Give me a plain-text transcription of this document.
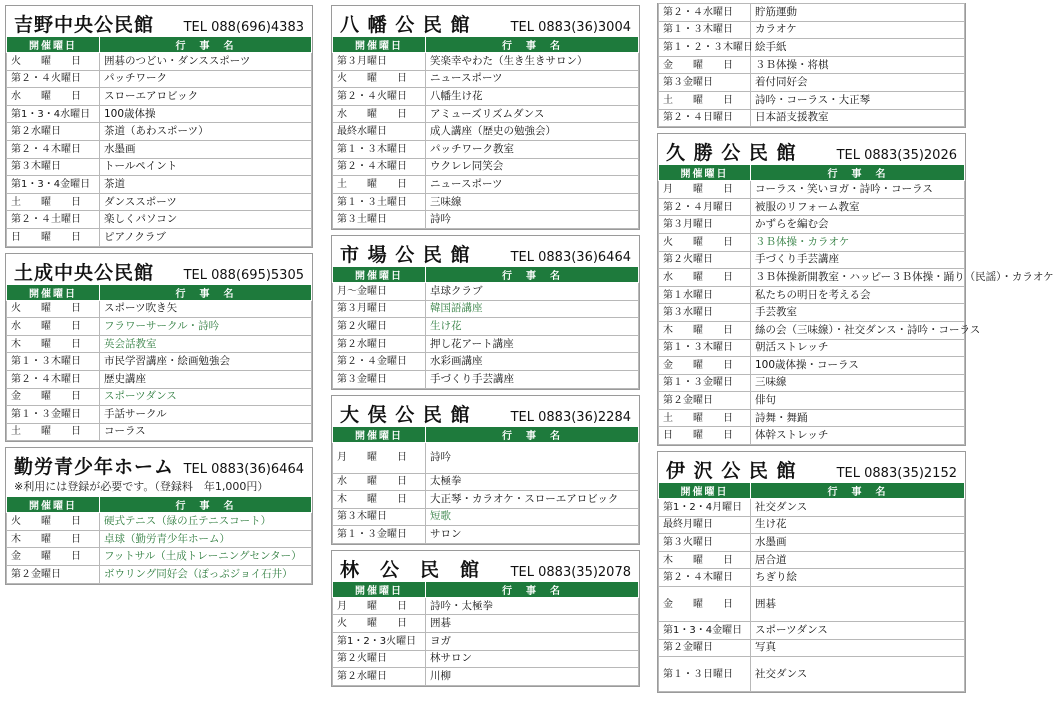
吉野中央公民館 TEL 088(696)4383
開催曜日	行　事　名
火　　曜　　日	囲碁のつどい・ダンススポーツ
第２・４火曜日	パッチワーク
水　　曜　　日	スローエアロビック
第1・3・4水曜日	100歳体操
第２水曜日	茶道（あわスポーツ）
第２・４木曜日	水墨画
第３木曜日	トールペイント
第1・3・4金曜日	茶道
土　　曜　　日	ダンススポーツ
第２・４土曜日	楽しくパソコン
日　　曜　　日	ピアノクラブ
土成中央公民館 TEL 088(695)5305
開催曜日	行　事　名
火　　曜　　日	スポーツ吹き矢
水　　曜　　日	フラワーサークル・詩吟
木　　曜　　日	英会話教室
第１・３木曜日	市民学習講座・絵画勉強会
第２・４木曜日	歴史講座
金　　曜　　日	スポーツダンス
第１・３金曜日	手話サークル
土　　曜　　日	コーラス
勤労青少年ホーム TEL 0883(36)6464
※利用には登録が必要です。（登録料　年1,000円）
開催曜日	行　事　名
火　　曜　　日	硬式テニス（緑の丘テニスコート）
木　　曜　　日	卓球（勤労青少年ホーム）
金　　曜　　日	フットサル（土成トレーニングセンター）
第２金曜日	ボウリング同好会（ぽっぷジョイ石井）
八 幡 公 民 館	TEL 0883(36)3004
開催曜日	行　事　名
第３月曜日	笑楽幸やわた（生き生きサロン）
火　　曜　　日	ニュースポーツ
第２・４火曜日	八幡生け花
水　　曜　　日	アミューズリズムダンス
最終水曜日	成人講座（歴史の勉強会）
第１・３木曜日	パッチワーク教室
第２・４木曜日	ウクレレ同笑会
土　　曜　　日	ニュースポーツ
第１・３土曜日	三味線
第３土曜日	詩吟
市 場 公 民 館	TEL 0883(36)6464
開催曜日	行　事　名
月〜金曜日	卓球クラブ
第３月曜日	韓国語講座
第２火曜日	生け花
第２水曜日	押し花アート講座
第２・４金曜日	水彩画講座
第３金曜日	手づくり手芸講座
大 俣 公 民 館	TEL 0883(36)2284
開催曜日	行　事　名
月　　曜　　日	詩吟
水　　曜　　日	太極拳
木　　曜　　日	大正琴・カラオケ・スローエアロビック
第３木曜日	短歌
第１・３金曜日	サロン
林　公　民　館 TEL 0883(35)2078
開催曜日	行　事　名
月　　曜　　日	詩吟・太極拳
火　　曜　　日	囲碁
第1・2・3火曜日	ヨガ
第２火曜日	林サロン
第２水曜日	川柳
第２・４水曜日	貯筋運動
第１・３木曜日	カラオケ
第１・２・３木曜日	絵手紙
金　　曜　　日	３Ｂ体操・将棋
第３金曜日	着付同好会
土　　曜　　日	詩吟・コーラス・大正琴
第２・４日曜日	日本語支援教室
久 勝 公 民 館	TEL 0883(35)2026
開催曜日	行　事　名
月　　曜　　日	コーラス・笑いヨガ・詩吟・コーラス
第２・４月曜日	被服のリフォーム教室
第３月曜日	かずらを編む会
火　　曜　　日	３Ｂ体操・カラオケ
第２火曜日	手づくり手芸講座
水　　曜　　日	３Ｂ体操新開教室・ハッピー３Ｂ体操・踊り（民謡）・カラオケ
第１水曜日	私たちの明日を考える会
第３水曜日	手芸教室
木　　曜　　日	絲の会（三味線）・社交ダンス・詩吟・コーラス
第１・３木曜日	朝活ストレッチ
金　　曜　　日	100歳体操・コーラス
第１・３金曜日	三味線
第２金曜日	俳句
土　　曜　　日	詩舞・舞踊
日　　曜　　日	体幹ストレッチ
伊 沢 公 民 館	TEL 0883(35)2152
開催曜日	行　事　名
第1・2・4月曜日	社交ダンス
最終月曜日	生け花
第３火曜日	水墨画
木　　曜　　日	居合道
第２・４木曜日	ちぎり絵
金　　曜　　日	囲碁
第1・3・4金曜日	スポーツダンス
第２金曜日	写真
第１・３日曜日	社交ダンス
